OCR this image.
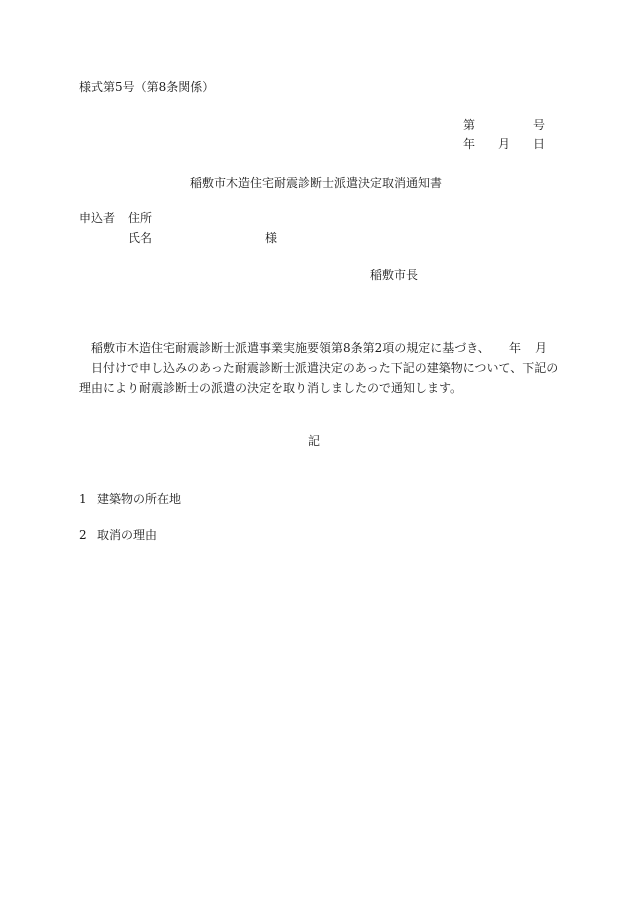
様式第5号（第8条関係）
第	号
年 月 日
稲敷市木造住宅耐震診断士派遣決定取消通知書
申込者 住所
氏名	様
稲敷市長
稲敷市木造住宅耐震診断士派遣事業実施要領第8条第2項の規定に基づき、 年 月
日付けで申し込みのあった耐震診断士派遣決定のあった下記の建築物について、下記の
理由により耐震診断士の派遣の決定を取り消しましたので通知します。
記
1 建築物の所在地
2 取消の理由
